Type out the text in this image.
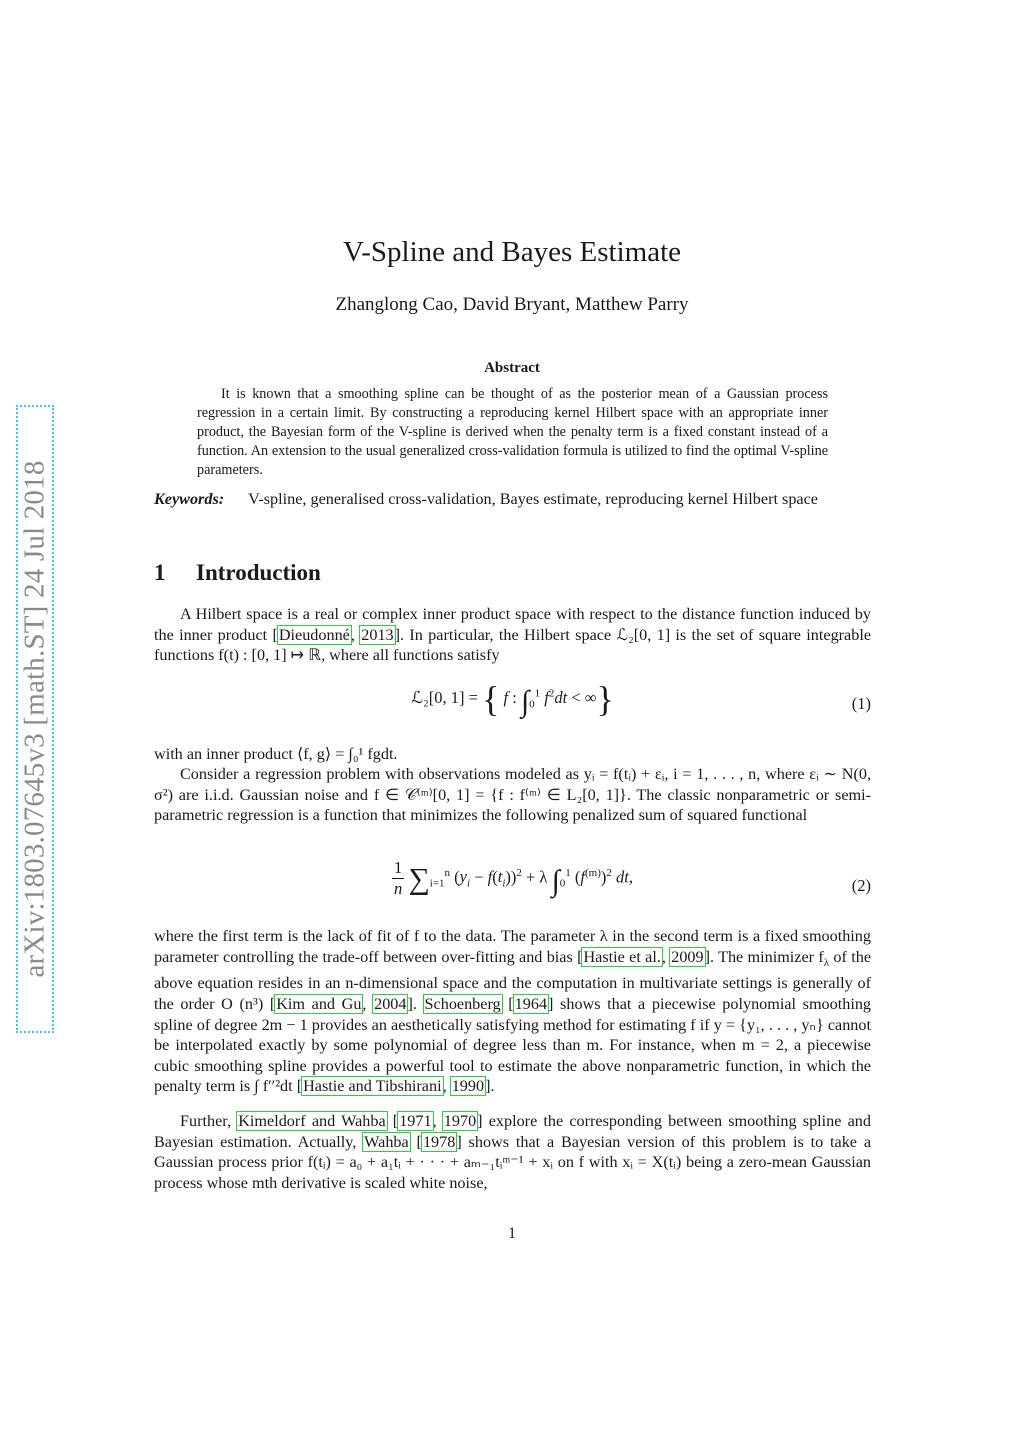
arXiv:1803.07645v3 [math.ST] 24 Jul 2018
V-Spline and Bayes Estimate
Zhanglong Cao, David Bryant, Matthew Parry
Abstract
It is known that a smoothing spline can be thought of as the posterior mean of a Gaussian process regression in a certain limit. By constructing a reproducing kernel Hilbert space with an appropriate inner product, the Bayesian form of the V-spline is derived when the penalty term is a fixed constant instead of a function. An extension to the usual generalized cross-validation formula is utilized to find the optimal V-spline parameters.
Keywords: V-spline, generalised cross-validation, Bayes estimate, reproducing kernel Hilbert space
1 Introduction
A Hilbert space is a real or complex inner product space with respect to the distance function induced by the inner product [Dieudonné, 2013]. In particular, the Hilbert space ℒ₂[0, 1] is the set of square integrable functions f(t) : [0, 1] ↦ ℝ, where all functions satisfy
ℒ₂[0, 1] = { f : $\int_0^1$ $f^2dt$ < ∞}	(1)
with an inner product ⟨f, g⟩ = ∫₀¹ fgdt.
Consider a regression problem with observations modeled as yᵢ = f(tᵢ) + εᵢ, i = 1, . . . , n, where εᵢ ∼ N(0, σ²) are i.i.d. Gaussian noise and f ∈ 𝒞⁽ᵐ⁾[0, 1] = {f : f⁽ᵐ⁾ ∈ L₂[0, 1]}. The classic nonparametric or semi-parametric regression is a function that minimizes the following penalized sum of squared functional
$\frac{1}{n} \sum_{i=1}^n$ $(y_i - f(t_i))^2 + \lambda$ $\int_0^1$ $(f^{(m)})^2$ dt,	(2)
where the first term is the lack of fit of f to the data. The parameter λ in the second term is a fixed smoothing parameter controlling the trade-off between over-fitting and bias [Hastie et al., 2009]. The minimizer $f_\lambda$ of the above equation resides in an n-dimensional space and the computation in multivariate settings is generally of the order O (n³) [Kim and Gu, 2004]. Schoenberg [1964] shows that a piecewise polynomial smoothing spline of degree 2m − 1 provides an aesthetically satisfying method for estimating f if y = {y₁, . . . , yₙ} cannot be interpolated exactly by some polynomial of degree less than m. For instance, when m = 2, a piecewise cubic smoothing spline provides a powerful tool to estimate the above nonparametric function, in which the penalty term is ∫ f′′²dt [Hastie and Tibshirani, 1990].
Further, Kimeldorf and Wahba [1971, 1970] explore the corresponding between smoothing spline and Bayesian estimation. Actually, Wahba [1978] shows that a Bayesian version of this problem is to take a Gaussian process prior f(tᵢ) = a₀ + a₁tᵢ + · · · + aₘ₋₁tᵢᵐ⁻¹ + xᵢ on f with xᵢ = X(tᵢ) being a zero-mean Gaussian process whose mth derivative is scaled white noise,
1
